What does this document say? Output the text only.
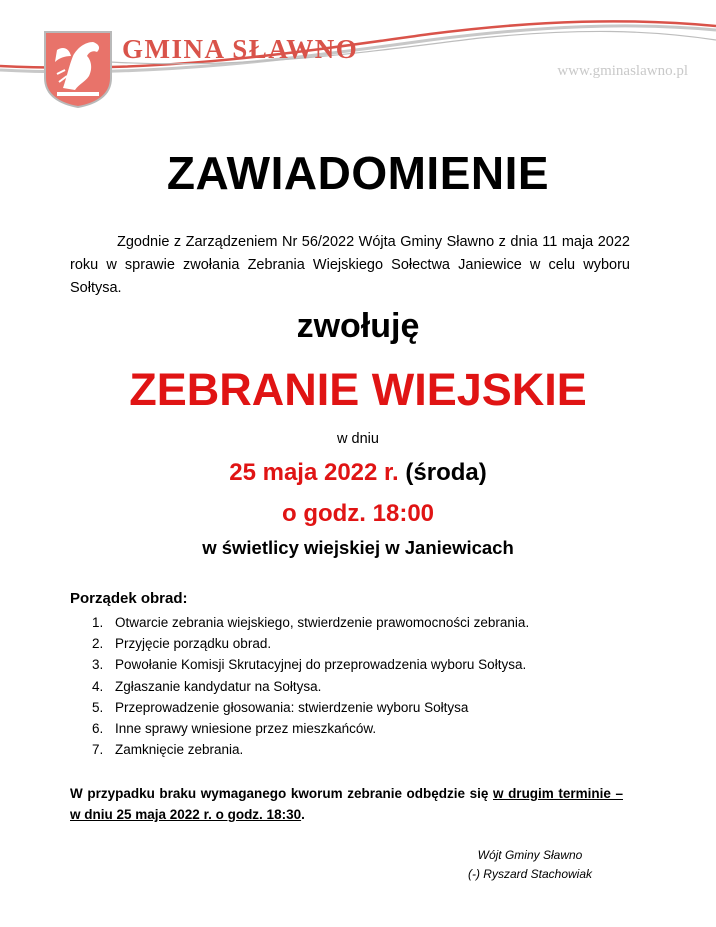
GMINA SŁAWNO
www.gminaslawno.pl
ZAWIADOMIENIE
Zgodnie z Zarządzeniem Nr 56/2022 Wójta Gminy Sławno z dnia 11 maja 2022 roku w sprawie zwołania Zebrania Wiejskiego Sołectwa Janiewice w celu wyboru Sołtysa.
zwołuję
ZEBRANIE WIEJSKIE
w dniu
25 maja 2022 r. (środa)
o godz. 18:00
w świetlicy wiejskiej w Janiewicach
Porządek obrad:
1. Otwarcie zebrania wiejskiego, stwierdzenie prawomocności zebrania.
2. Przyjęcie porządku obrad.
3. Powołanie Komisji Skrutacyjnej do przeprowadzenia wyboru Sołtysa.
4. Zgłaszanie kandydatur na Sołtysa.
5. Przeprowadzenie głosowania: stwierdzenie wyboru Sołtysa
6. Inne sprawy wniesione przez mieszkańców.
7. Zamknięcie zebrania.
W przypadku braku wymaganego kworum zebranie odbędzie się w drugim terminie – w dniu 25 maja 2022 r. o godz. 18:30.
Wójt Gminy Sławno
(-) Ryszard Stachowiak
